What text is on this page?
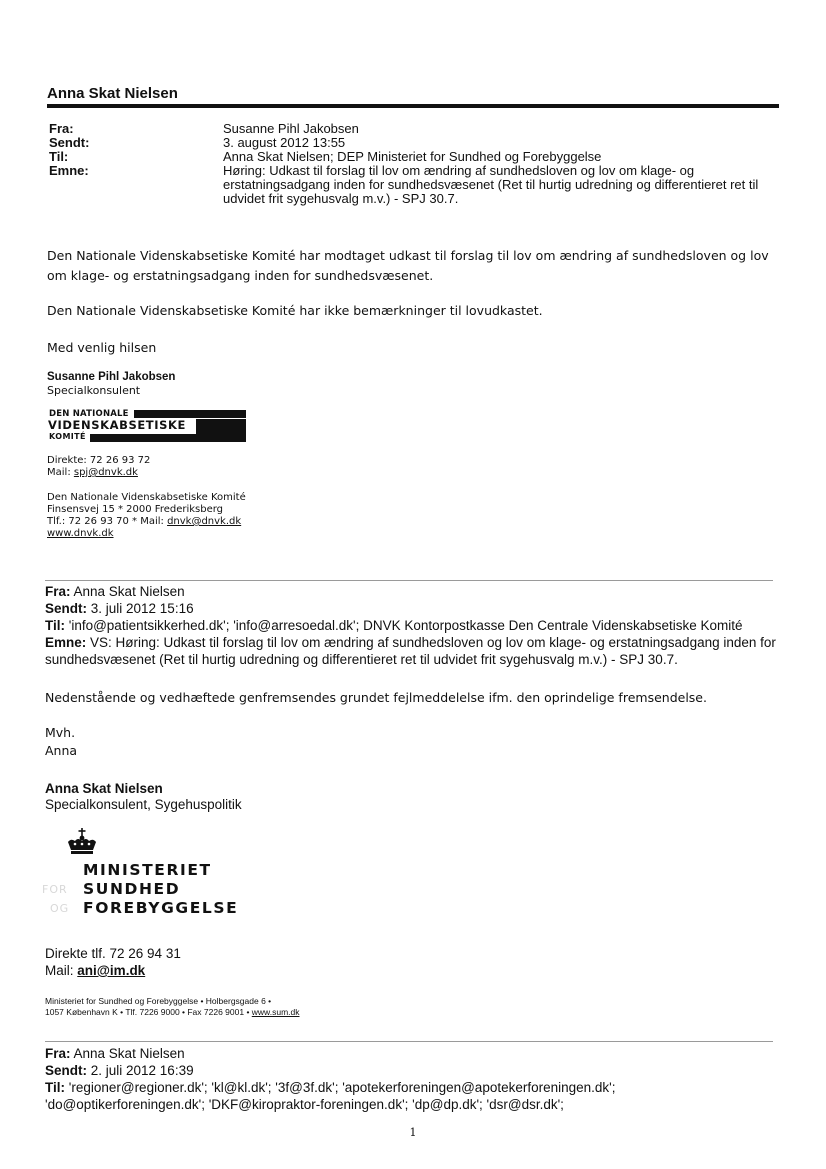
Anna Skat Nielsen
Fra:	Susanne Pihl Jakobsen
Sendt:	3. august 2012 13:55
Til:	Anna Skat Nielsen; DEP Ministeriet for Sundhed og Forebyggelse
Emne:	Høring: Udkast til forslag til lov om ændring af sundhedsloven og lov om klage- og erstatningsadgang inden for sundhedsvæsenet (Ret til hurtig udredning og differentieret ret til udvidet frit sygehusvalg m.v.) - SPJ 30.7.
Den Nationale Videnskabsetiske Komité har modtaget udkast til forslag til lov om ændring af sundhedsloven og lov om klage- og erstatningsadgang inden for sundhedsvæsenet.
Den Nationale Videnskabsetiske Komité har ikke bemærkninger til lovudkastet.
Med venlig hilsen
Susanne Pihl Jakobsen
Specialkonsulent
DEN NATIONALE
VIDENSKABSETISKE
KOMITÉ
Direkte: 72 26 93 72
Mail: spj@dnvk.dk
Den Nationale Videnskabsetiske Komité
Finsensvej 15 * 2000 Frederiksberg
Tlf.: 72 26 93 70 * Mail: dnvk@dnvk.dk
www.dnvk.dk
Fra: Anna Skat Nielsen
Sendt: 3. juli 2012 15:16
Til: 'info@patientsikkerhed.dk'; 'info@arresoedal.dk'; DNVK Kontorpostkasse Den Centrale Videnskabsetiske Komité
Emne: VS: Høring: Udkast til forslag til lov om ændring af sundhedsloven og lov om klage- og erstatningsadgang inden for sundhedsvæsenet (Ret til hurtig udredning og differentieret ret til udvidet frit sygehusvalg m.v.) - SPJ 30.7.
Nedenstående og vedhæftede genfremsendes grundet fejlmeddelelse ifm. den oprindelige fremsendelse.
Mvh.
Anna
Anna Skat Nielsen
Specialkonsulent, Sygehuspolitik
MINISTERIET
FOR SUNDHED
OG FOREBYGGELSE
Direkte tlf. 72 26 94 31
Mail: ani@im.dk
Ministeriet for Sundhed og Forebyggelse • Holbergsgade 6 •
1057 København K • Tlf. 7226 9000 • Fax 7226 9001 • www.sum.dk
Fra: Anna Skat Nielsen
Sendt: 2. juli 2012 16:39
Til: 'regioner@regioner.dk'; 'kl@kl.dk'; '3f@3f.dk'; 'apotekerforeningen@apotekerforeningen.dk';
'do@optikerforeningen.dk'; 'DKF@kiropraktor-foreningen.dk'; 'dp@dp.dk'; 'dsr@dsr.dk';
1
